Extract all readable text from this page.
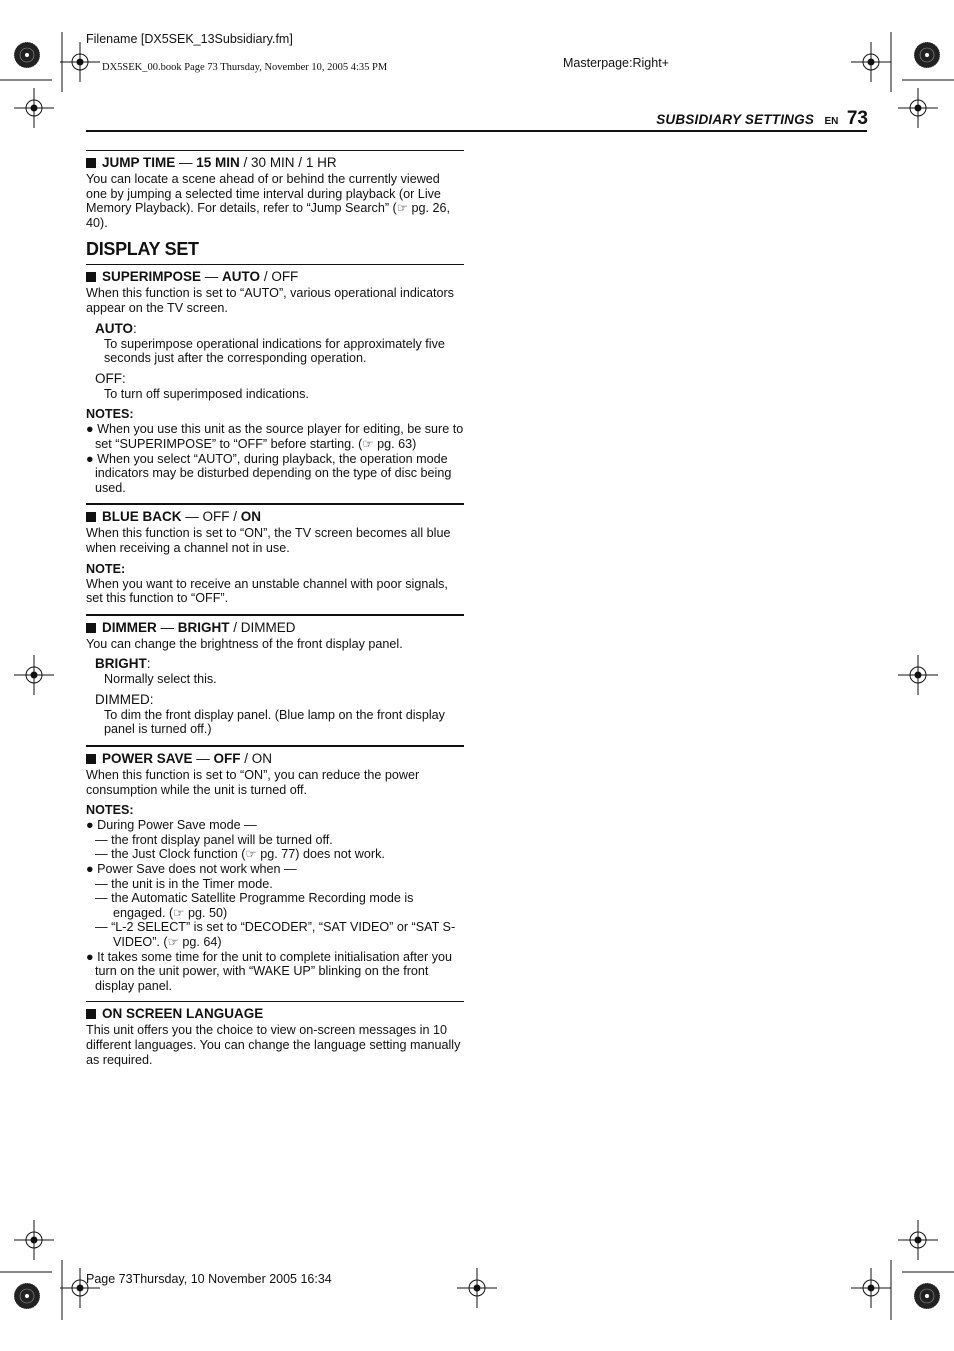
Filename [DX5SEK_13Subsidiary.fm]
DX5SEK_00.book Page 73 Thursday, November 10, 2005 4:35 PM	Masterpage:Right+
SUBSIDIARY SETTINGS EN 73
JUMP TIME — 15 MIN / 30 MIN / 1 HR

You can locate a scene ahead of or behind the currently viewed one by jumping a selected time interval during playback (or Live Memory Playback). For details, refer to “Jump Search” (☞ pg. 26, 40).

DISPLAY SET
SUPERIMPOSE — AUTO / OFF

When this function is set to “AUTO”, various operational indicators appear on the TV screen.

AUTO:

To superimpose operational indications for approximately five seconds just after the corresponding operation.

OFF:

To turn off superimposed indications.

NOTES:
● When you use this unit as the source player for editing, be sure to set “SUPERIMPOSE” to “OFF” before starting. (☞ pg. 63)
● When you select “AUTO”, during playback, the operation mode indicators may be disturbed depending on the type of disc being used.
BLUE BACK — OFF / ON

When this function is set to “ON”, the TV screen becomes all blue when receiving a channel not in use.

NOTE:

When you want to receive an unstable channel with poor signals, set this function to “OFF”.

DIMMER — BRIGHT / DIMMED

You can change the brightness of the front display panel.

BRIGHT:

Normally select this.

DIMMED:

To dim the front display panel. (Blue lamp on the front display panel is turned off.)

POWER SAVE — OFF / ON

When this function is set to “ON”, you can reduce the power consumption while the unit is turned off.

NOTES:
● During Power Save mode —
— the front display panel will be turned off.
— the Just Clock function (☞ pg. 77) does not work.
● Power Save does not work when —
— the unit is in the Timer mode.
— the Automatic Satellite Programme Recording mode is engaged. (☞ pg. 50)
— “L-2 SELECT” is set to “DECODER”, “SAT VIDEO” or “SAT S-VIDEO”. (☞ pg. 64)
● It takes some time for the unit to complete initialisation after you turn on the unit power, with “WAKE UP” blinking on the front display panel.
ON SCREEN LANGUAGE

This unit offers you the choice to view on-screen messages in 10 different languages. You can change the language setting manually as required.

Page 73Thursday, 10 November 2005 16:34
